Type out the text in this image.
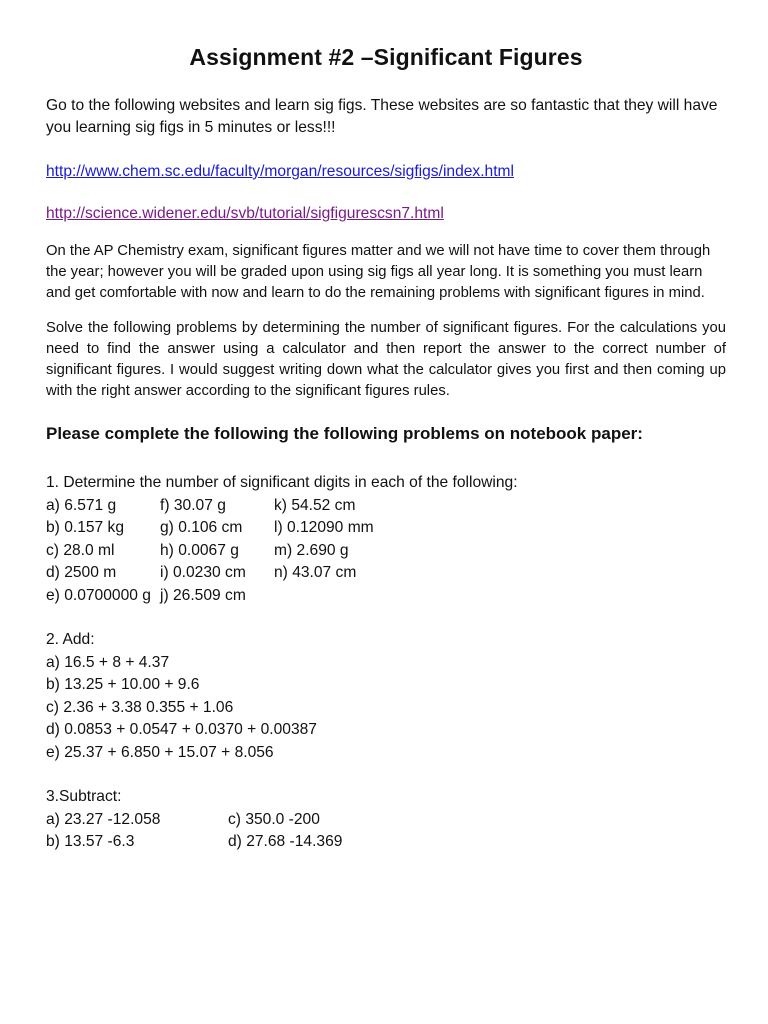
Assignment #2 –Significant Figures

Go to the following websites and learn sig figs. These websites are so fantastic that they will have you learning sig figs in 5 minutes or less!!!

http://www.chem.sc.edu/faculty/morgan/resources/sigfigs/index.html
http://science.widener.edu/svb/tutorial/sigfigurescsn7.html

On the AP Chemistry exam, significant figures matter and we will not have time to cover them through the year; however you will be graded upon using sig figs all year long. It is something you must learn and get comfortable with now and learn to do the remaining problems with significant figures in mind.

Solve the following problems by determining the number of significant figures. For the calculations you need to find the answer using a calculator and then report the answer to the correct number of significant figures. I would suggest writing down what the calculator gives you first and then coming up with the right answer according to the significant figures rules.

Please complete the following the following problems on notebook paper:

1. Determine the number of significant digits in each of the following:

a) 6.571 g	f) 30.07 g	k) 54.52 cm
b) 0.157 kg	g) 0.106 cm	l) 0.12090 mm
c) 28.0 ml	h) 0.0067 g	m) 2.690 g
d) 2500 m	i) 0.0230 cm	n) 43.07 cm
e) 0.0700000 g j) 26.509 cm

2. Add:

a) 16.5 + 8 + 4.37
b) 13.25 + 10.00 + 9.6
c) 2.36 + 3.38 0.355 + 1.06
d) 0.0853 + 0.0547 + 0.0370 + 0.00387
e) 25.37 + 6.850 + 15.07 + 8.056

3.Subtract:

a) 23.27 -12.058	c) 350.0 -200
b) 13.57 -6.3	d) 27.68 -14.369
